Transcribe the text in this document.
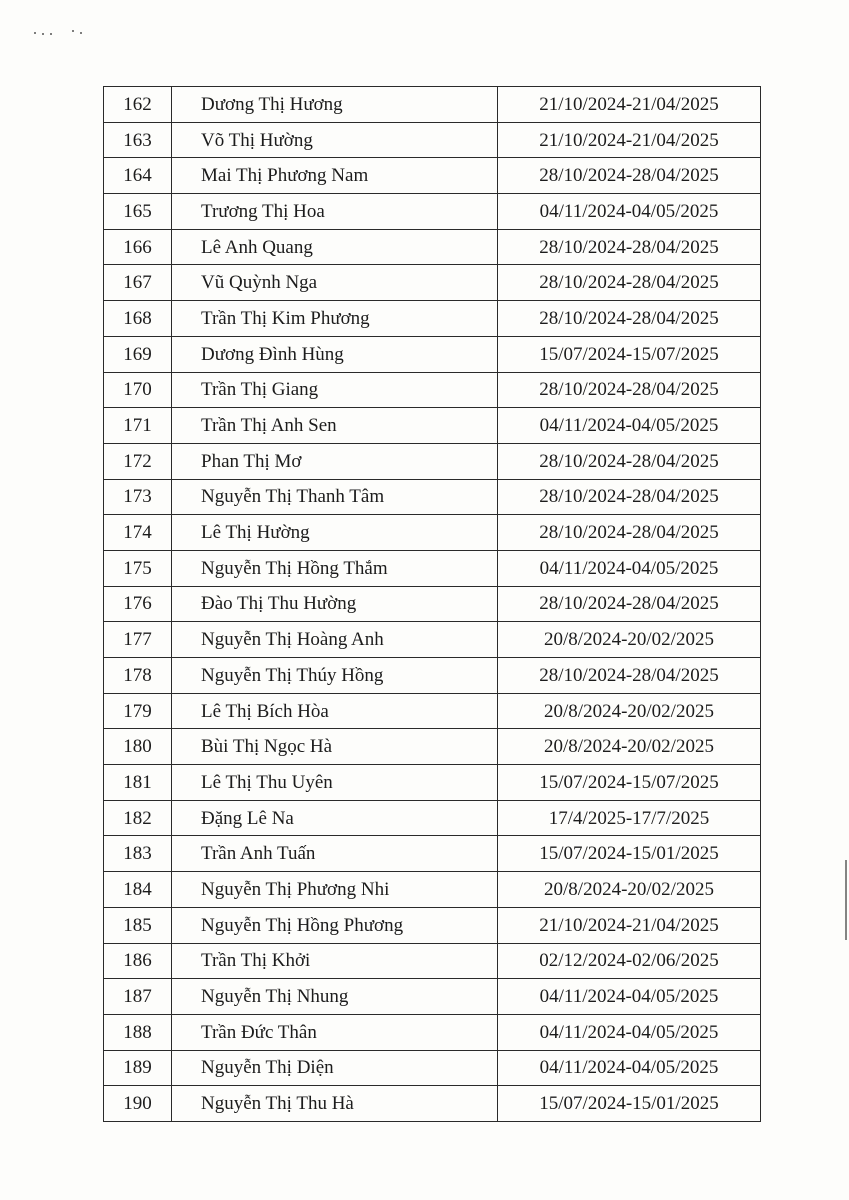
162	Dương Thị Hương	21/10/2024-21/04/2025
163	Võ Thị Hường	21/10/2024-21/04/2025
164	Mai Thị Phương Nam	28/10/2024-28/04/2025
165	Trương Thị Hoa	04/11/2024-04/05/2025
166	Lê Anh Quang	28/10/2024-28/04/2025
167	Vũ Quỳnh Nga	28/10/2024-28/04/2025
168	Trần Thị Kim Phương	28/10/2024-28/04/2025
169	Dương Đình Hùng	15/07/2024-15/07/2025
170	Trần Thị Giang	28/10/2024-28/04/2025
171	Trần Thị Anh Sen	04/11/2024-04/05/2025
172	Phan Thị Mơ	28/10/2024-28/04/2025
173	Nguyễn Thị Thanh Tâm	28/10/2024-28/04/2025
174	Lê Thị Hường	28/10/2024-28/04/2025
175	Nguyễn Thị Hồng Thắm	04/11/2024-04/05/2025
176	Đào Thị Thu Hường	28/10/2024-28/04/2025
177	Nguyễn Thị Hoàng Anh	20/8/2024-20/02/2025
178	Nguyễn Thị Thúy Hồng	28/10/2024-28/04/2025
179	Lê Thị Bích Hòa	20/8/2024-20/02/2025
180	Bùi Thị Ngọc Hà	20/8/2024-20/02/2025
181	Lê Thị Thu Uyên	15/07/2024-15/07/2025
182	Đặng Lê Na	17/4/2025-17/7/2025
183	Trần Anh Tuấn	15/07/2024-15/01/2025
184	Nguyễn Thị Phương Nhi	20/8/2024-20/02/2025
185	Nguyễn Thị Hồng Phương	21/10/2024-21/04/2025
186	Trần Thị Khởi	02/12/2024-02/06/2025
187	Nguyễn Thị Nhung	04/11/2024-04/05/2025
188	Trần Đức Thân	04/11/2024-04/05/2025
189	Nguyễn Thị Diện	04/11/2024-04/05/2025
190	Nguyễn Thị Thu Hà	15/07/2024-15/01/2025
